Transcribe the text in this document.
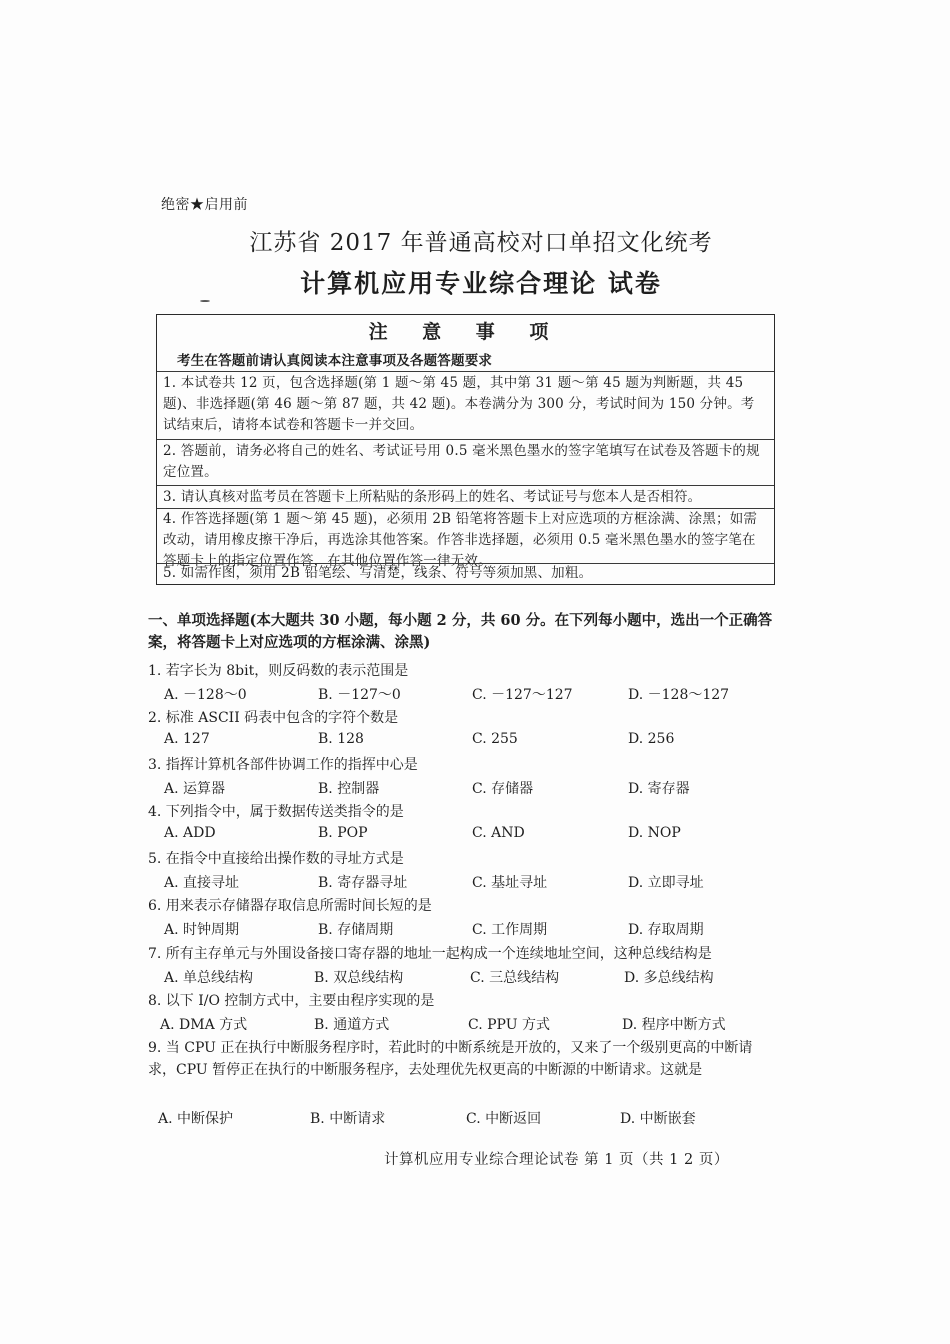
绝密★启用前
江苏省 2017 年普通高校对口单招文化统考
计算机应用专业综合理论 试卷
注 意 事 项
考生在答题前请认真阅读本注意事项及各题答题要求
1. 本试卷共 12 页，包含选择题(第 1 题～第 45 题，其中第 31 题～第 45 题为判断题，共 45 题)、非选择题(第 46 题～第 87 题，共 42 题)。本卷满分为 300 分，考试时间为 150 分钟。考试结束后，请将本试卷和答题卡一并交回。
2. 答题前，请务必将自己的姓名、考试证号用 0.5 毫米黑色墨水的签字笔填写在试卷及答题卡的规定位置。
3. 请认真核对监考员在答题卡上所粘贴的条形码上的姓名、考试证号与您本人是否相符。
4. 作答选择题(第 1 题～第 45 题)，必须用 2B 铅笔将答题卡上对应选项的方框涂满、涂黑；如需改动，请用橡皮擦干净后，再选涂其他答案。作答非选择题，必须用 0.5 毫米黑色墨水的签字笔在答题卡上的指定位置作答，在其他位置作答一律无效。
5. 如需作图，须用 2B 铅笔绘、写清楚，线条、符号等须加黑、加粗。
一、单项选择题(本大题共 30 小题，每小题 2 分，共 60 分。在下列每小题中，选出一个正确答案，将答题卡上对应选项的方框涂满、涂黑)
1. 若字长为 8bit，则反码数的表示范围是
A. －128～0	B. －127～0	C. －127～127	D. －128～127
2. 标准 ASCII 码表中包含的字符个数是
A. 127	B. 128	C. 255	D. 256
3. 指挥计算机各部件协调工作的指挥中心是
A. 运算器	B. 控制器	C. 存储器	D. 寄存器
4. 下列指令中，属于数据传送类指令的是
A. ADD	B. POP	C. AND	D. NOP
5. 在指令中直接给出操作数的寻址方式是
A. 直接寻址	B. 寄存器寻址	C. 基址寻址	D. 立即寻址
6. 用来表示存储器存取信息所需时间长短的是
A. 时钟周期	B. 存储周期	C. 工作周期	D. 存取周期
7. 所有主存单元与外围设备接口寄存器的地址一起构成一个连续地址空间，这种总线结构是
A. 单总线结构	B. 双总线结构	C. 三总线结构	D. 多总线结构
8. 以下 I/O 控制方式中，主要由程序实现的是
A. DMA 方式	B. 通道方式	C. PPU 方式	D. 程序中断方式
9. 当 CPU 正在执行中断服务程序时，若此时的中断系统是开放的，又来了一个级别更高的中断请求，CPU 暂停正在执行的中断服务程序，去处理优先权更高的中断源的中断请求。这就是
A. 中断保护	B. 中断请求	C. 中断返回	D. 中断嵌套
计算机应用专业综合理论试卷 第 1 页（共 1 2 页）
